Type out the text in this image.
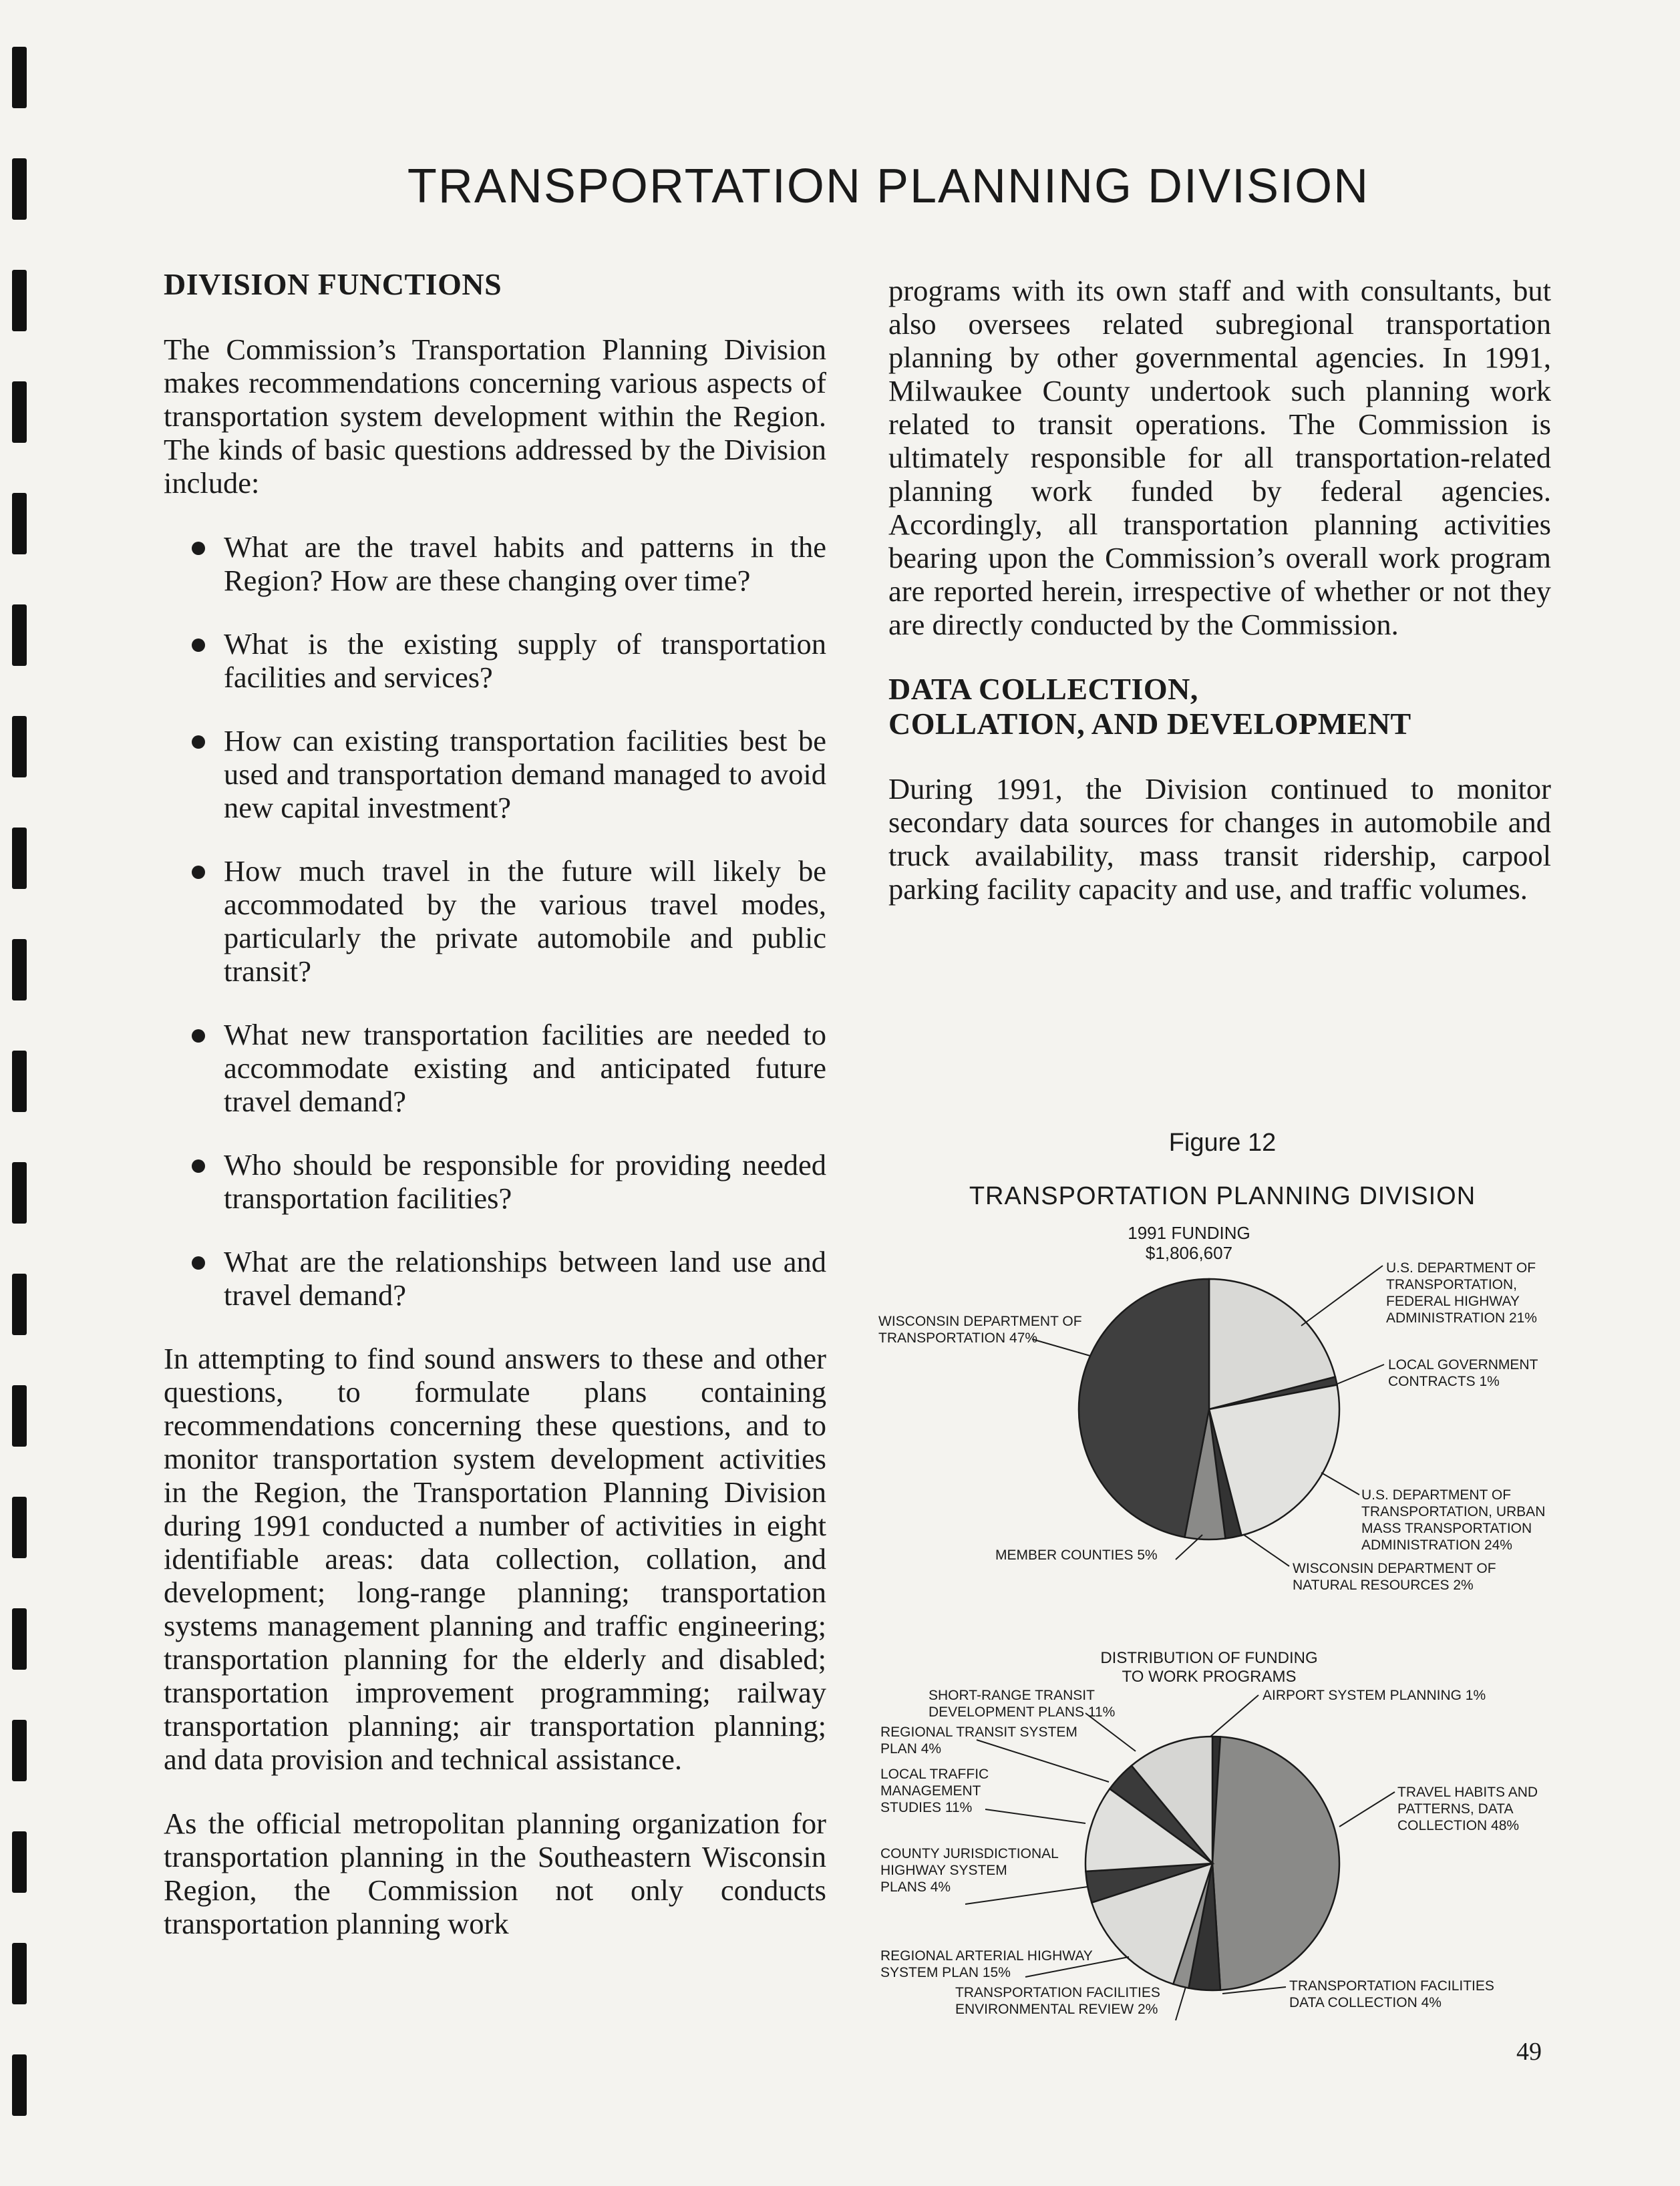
TRANSPORTATION PLANNING DIVISION
DIVISION FUNCTIONS

The Commission’s Transportation Planning Division makes recommendations concerning various aspects of transportation system development within the Region. The kinds of basic questions addressed by the Division include:

What are the travel habits and patterns in the Region? How are these changing over time?
What is the existing supply of transportation facilities and services?
How can existing transportation facilities best be used and transportation demand managed to avoid new capital investment?
How much travel in the future will likely be accommodated by the various travel modes, particularly the private automobile and public transit?
What new transportation facilities are needed to accommodate existing and anticipated future travel demand?
Who should be responsible for providing needed transportation facilities?
What are the relationships between land use and travel demand?

In attempting to find sound answers to these and other questions, to formulate plans containing recommendations concerning these questions, and to monitor transportation system development activities in the Region, the Transportation Planning Division during 1991 conducted a number of activities in eight identifiable areas: data collection, collation, and development; long-range planning; transportation systems management planning and traffic engineering; transportation planning for the elderly and disabled; transportation improvement programming; railway transportation planning; air transportation planning; and data provision and technical assistance.

As the official metropolitan planning organization for transportation planning in the Southeastern Wisconsin Region, the Commission not only conducts transportation planning work

programs with its own staff and with consultants, but also oversees related subregional transportation planning by other governmental agencies. In 1991, Milwaukee County undertook such planning work related to transit operations. The Commission is ultimately responsible for all transportation-related planning work funded by federal agencies. Accordingly, all transportation planning activities bearing upon the Commission’s overall work program are reported herein, irrespective of whether or not they are directly conducted by the Commission.

DATA COLLECTION,
COLLATION, AND DEVELOPMENT

During 1991, the Division continued to monitor secondary data sources for changes in automobile and truck availability, mass transit ridership, carpool parking facility capacity and use, and traffic volumes.

Figure 12
TRANSPORTATION PLANNING DIVISION
1991 FUNDING
$1,806,607
U.S. DEPARTMENT OF
TRANSPORTATION,
FEDERAL HIGHWAY
ADMINISTRATION 21%
LOCAL GOVERNMENT
CONTRACTS 1%
U.S. DEPARTMENT OF
TRANSPORTATION, URBAN
MASS TRANSPORTATION
ADMINISTRATION 24%
WISCONSIN DEPARTMENT OF
NATURAL RESOURCES 2%
MEMBER COUNTIES 5%
WISCONSIN DEPARTMENT OF
TRANSPORTATION 47%
DISTRIBUTION OF FUNDING
TO WORK PROGRAMS
AIRPORT SYSTEM PLANNING 1%
TRAVEL HABITS AND
PATTERNS, DATA
COLLECTION 48%
TRANSPORTATION FACILITIES
DATA COLLECTION 4%
TRANSPORTATION FACILITIES
ENVIRONMENTAL REVIEW 2%
REGIONAL ARTERIAL HIGHWAY
SYSTEM PLAN 15%
COUNTY JURISDICTIONAL
HIGHWAY SYSTEM
PLANS 4%
LOCAL TRAFFIC
MANAGEMENT
STUDIES 11%
REGIONAL TRANSIT SYSTEM
PLAN 4%
SHORT-RANGE TRANSIT
DEVELOPMENT PLANS 11%
49
